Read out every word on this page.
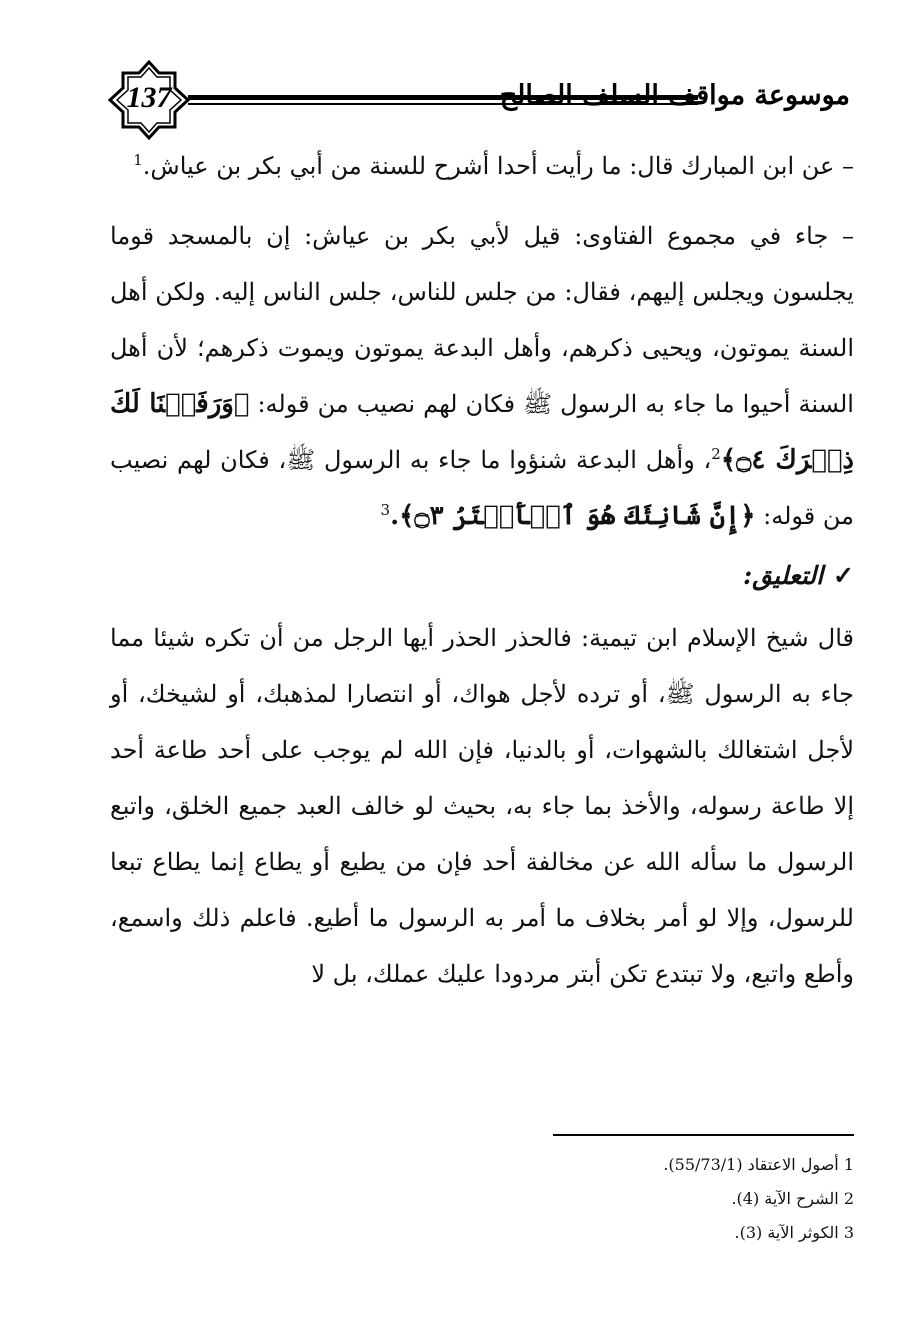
137	موسوعة مواقف السلف الصالح

– عن ابن المبارك قال: ما رأيت أحدا أشرح للسنة من أبي بكر بن عياش.$^1$

– جاء في مجموع الفتاوى: قيل لأبي بكر بن عياش: إن بالمسجد قوما يجلسون ويجلس إليهم، فقال: من جلس للناس، جلس الناس إليه. ولكن أهل السنة يموتون، ويحيى ذكرهم، وأهل البدعة يموتون ويموت ذكرهم؛ لأن أهل السنة أحيوا ما جاء به الرسول ﷺ فكان لهم نصيب من قوله: ﴿وَرَفَعۡنَا لَكَ ذِكۡرَكَ ۝٤﴾$^2$، وأهل البدعة شنؤوا ما جاء به الرسول ﷺ، فكان لهم نصيب من قوله: ﴿إِنَّ شَانِئَكَ هُوَ ٱلۡأَبۡتَرُ ۝٣﴾.$^3$

✓التعليق:

قال شيخ الإسلام ابن تيمية: فالحذر الحذر أيها الرجل من أن تكره شيئا مما جاء به الرسول ﷺ، أو ترده لأجل هواك، أو انتصارا لمذهبك، أو لشيخك، أو لأجل اشتغالك بالشهوات، أو بالدنيا، فإن الله لم يوجب على أحد طاعة أحد إلا طاعة رسوله، والأخذ بما جاء به، بحيث لو خالف العبد جميع الخلق، واتبع الرسول ما سأله الله عن مخالفة أحد فإن من يطيع أو يطاع إنما يطاع تبعا للرسول، وإلا لو أمر بخلاف ما أمر به الرسول ما أطيع. فاعلم ذلك واسمع، وأطع واتبع، ولا تبتدع تكن أبتر مردودا عليك عملك، بل لا

1 أصول الاعتقاد (55/73/1).
2 الشرح الآية (4).
3 الكوثر الآية (3).
